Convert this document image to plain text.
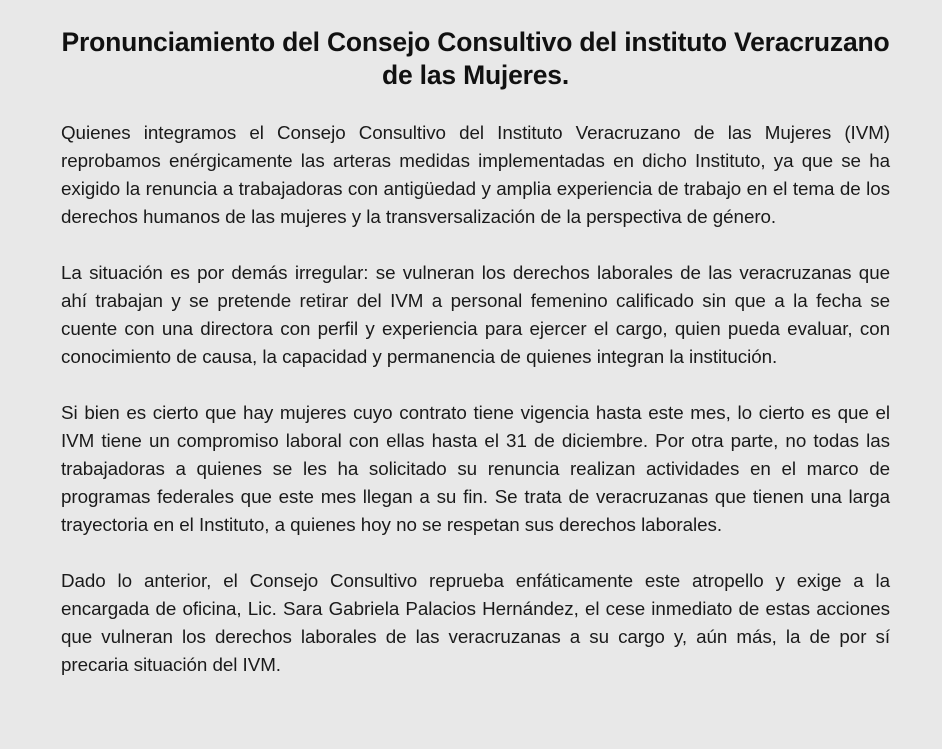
Pronunciamiento del Consejo Consultivo del instituto Veracruzano de las Mujeres.

Quienes integramos el Consejo Consultivo del Instituto Veracruzano de las Mujeres (IVM) reprobamos enérgicamente las arteras medidas implementadas en dicho Instituto, ya que se ha exigido la renuncia a trabajadoras con antigüedad y amplia experiencia de trabajo en el tema de los derechos humanos de las mujeres y la transversalización de la perspectiva de género.

La situación es por demás irregular: se vulneran los derechos laborales de las veracruzanas que ahí trabajan y se pretende retirar del IVM a personal femenino calificado sin que a la fecha se cuente con una directora con perfil y experiencia para ejercer el cargo, quien pueda evaluar, con conocimiento de causa, la capacidad y permanencia de quienes integran la institución.

Si bien es cierto que hay mujeres cuyo contrato tiene vigencia hasta este mes, lo cierto es que el IVM tiene un compromiso laboral con ellas hasta el 31 de diciembre. Por otra parte, no todas las trabajadoras a quienes se les ha solicitado su renuncia realizan actividades en el marco de programas federales que este mes llegan a su fin. Se trata de veracruzanas que tienen una larga trayectoria en el Instituto, a quienes hoy no se respetan sus derechos laborales.

Dado lo anterior, el Consejo Consultivo reprueba enfáticamente este atropello y exige a la encargada de oficina, Lic. Sara Gabriela Palacios Hernández, el cese inmediato de estas acciones que vulneran los derechos laborales de las veracruzanas a su cargo y, aún más, la de por sí precaria situación del IVM.
